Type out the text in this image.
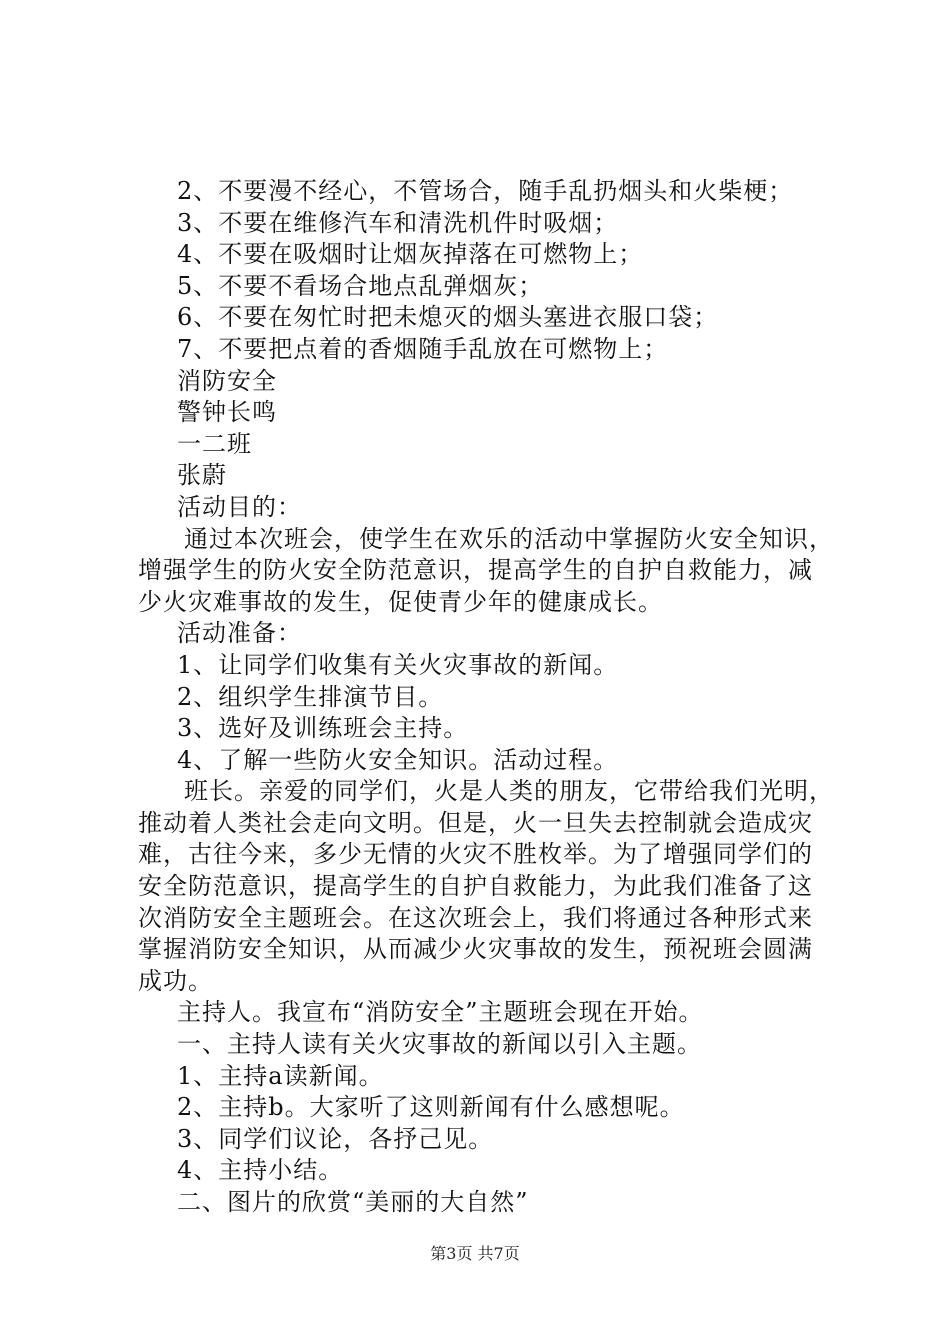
2、不要漫不经心，不管场合，随手乱扔烟头和火柴梗；
3、不要在维修汽车和清洗机件时吸烟；
4、不要在吸烟时让烟灰掉落在可燃物上；
5、不要不看场合地点乱弹烟灰；
6、不要在匆忙时把未熄灭的烟头塞进衣服口袋；
7、不要把点着的香烟随手乱放在可燃物上；
消防安全
警钟长鸣
一二班
张蔚
活动目的：
通过本次班会，使学生在欢乐的活动中掌握防火安全知识，
增强学生的防火安全防范意识，提高学生的自护自救能力，减
少火灾难事故的发生，促使青少年的健康成长。
活动准备：
1、让同学们收集有关火灾事故的新闻。
2、组织学生排演节目。
3、选好及训练班会主持。
4、了解一些防火安全知识。活动过程。
班长。亲爱的同学们，火是人类的朋友，它带给我们光明，
推动着人类社会走向文明。但是，火一旦失去控制就会造成灾
难，古往今来，多少无情的火灾不胜枚举。为了增强同学们的
安全防范意识，提高学生的自护自救能力，为此我们准备了这
次消防安全主题班会。在这次班会上，我们将通过各种形式来
掌握消防安全知识，从而减少火灾事故的发生，预祝班会圆满
成功。
主持人。我宣布“消防安全”主题班会现在开始。
一、主持人读有关火灾事故的新闻以引入主题。
1、主持a读新闻。
2、主持b。大家听了这则新闻有什么感想呢。
3、同学们议论，各抒己见。
4、主持小结。
二、图片的欣赏“美丽的大自然”
第3页 共7页
